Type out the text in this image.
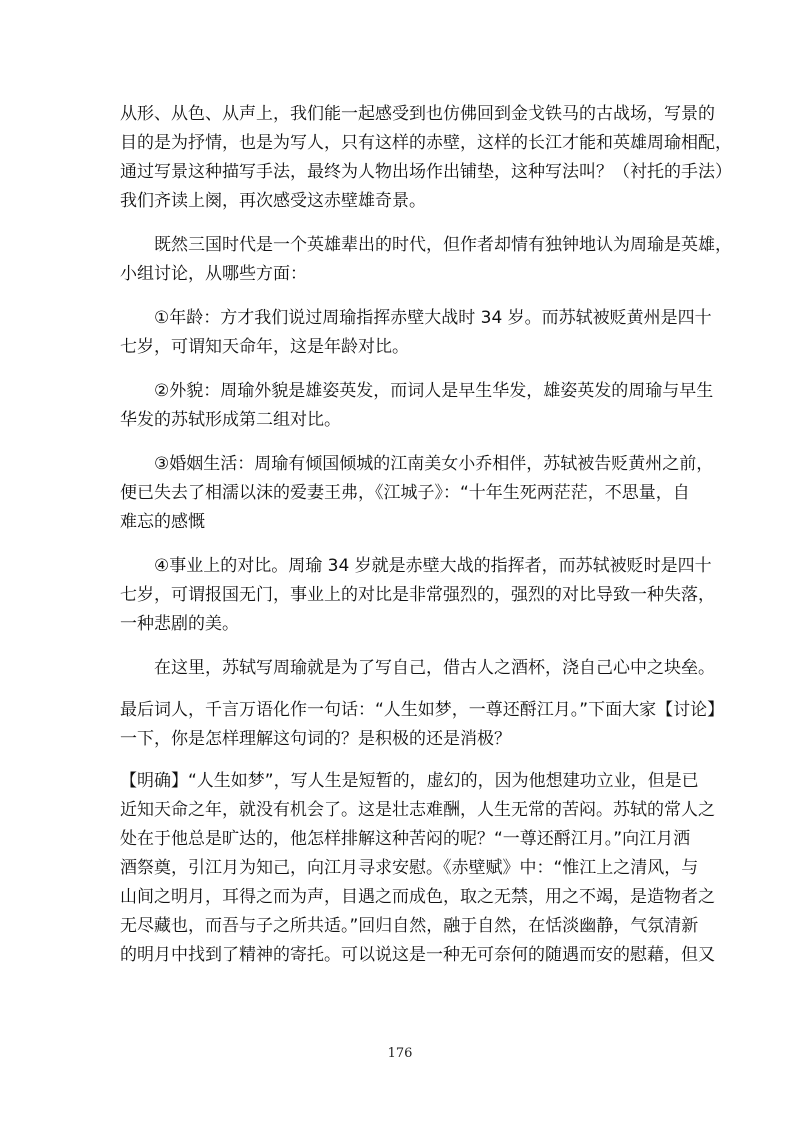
从形、从色、从声上，我们能一起感受到也仿佛回到金戈铁马的古战场，写景的
目的是为抒情，也是为写人，只有这样的赤壁，这样的长江才能和英雄周瑜相配，
通过写景这种描写手法，最终为人物出场作出铺垫，这种写法叫？（衬托的手法）
我们齐读上阕，再次感受这赤壁雄奇景。

既然三国时代是一个英雄辈出的时代，但作者却情有独钟地认为周瑜是英雄，
小组讨论，从哪些方面：

①年龄：方才我们说过周瑜指挥赤壁大战时 34 岁。而苏轼被贬黄州是四十
七岁，可谓知天命年，这是年龄对比。

②外貌：周瑜外貌是雄姿英发，而词人是早生华发，雄姿英发的周瑜与早生
华发的苏轼形成第二组对比。

③婚姻生活：周瑜有倾国倾城的江南美女小乔相伴，苏轼被告贬黄州之前，
便已失去了相濡以沫的爱妻王弗，《江城子》：“十年生死两茫茫，不思量，自
难忘的感慨

④事业上的对比。周瑜 34 岁就是赤壁大战的指挥者，而苏轼被贬时是四十
七岁，可谓报国无门，事业上的对比是非常强烈的，强烈的对比导致一种失落，
一种悲剧的美。

在这里，苏轼写周瑜就是为了写自己，借古人之酒杯，浇自己心中之块垒。

最后词人，千言万语化作一句话：“人生如梦，一尊还酹江月。”下面大家【讨论】
一下，你是怎样理解这句词的？是积极的还是消极？

【明确】“人生如梦”，写人生是短暂的，虚幻的，因为他想建功立业，但是已
近知天命之年，就没有机会了。这是壮志难酬，人生无常的苦闷。苏轼的常人之
处在于他总是旷达的，他怎样排解这种苦闷的呢？“一尊还酹江月。”向江月洒
酒祭奠，引江月为知己，向江月寻求安慰。《赤壁赋》中：“惟江上之清风，与
山间之明月，耳得之而为声，目遇之而成色，取之无禁，用之不竭，是造物者之
无尽藏也，而吾与子之所共适。”回归自然，融于自然，在恬淡幽静，气氛清新
的明月中找到了精神的寄托。可以说这是一种无可奈何的随遇而安的慰藉，但又

176
